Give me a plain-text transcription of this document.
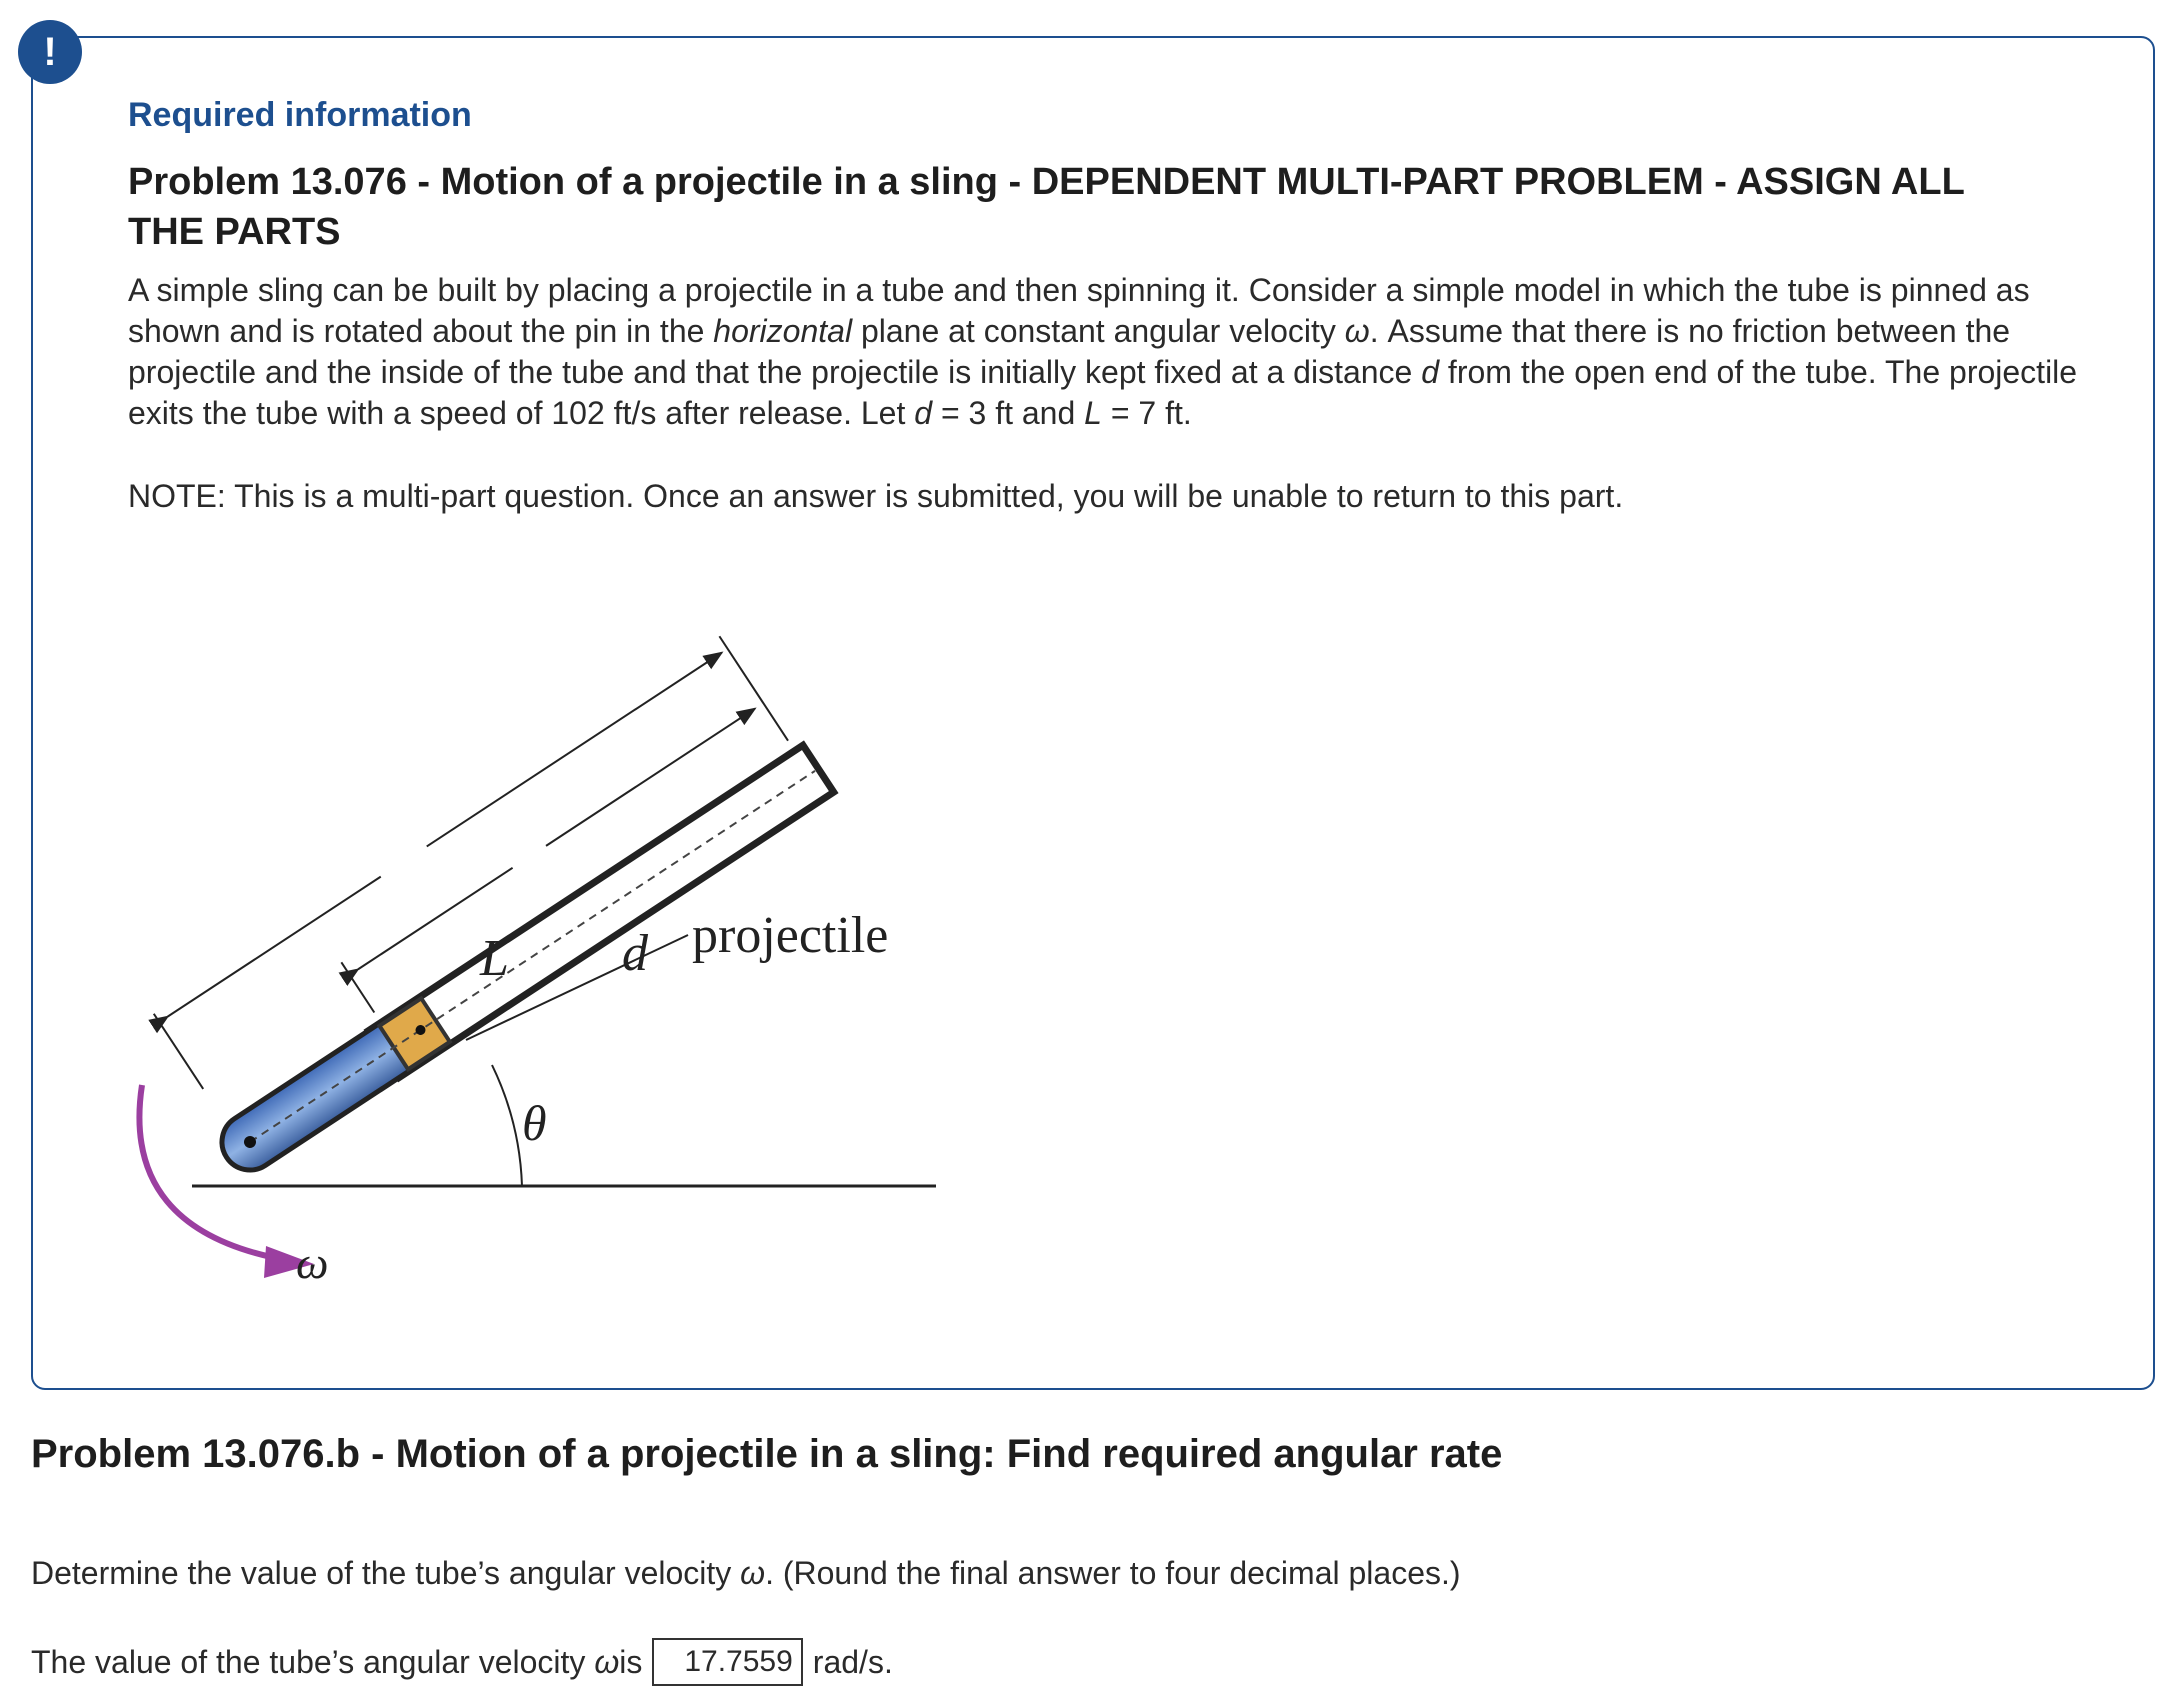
!
Required information
Problem 13.076 - Motion of a projectile in a sling - DEPENDENT MULTI-PART PROBLEM - ASSIGN ALL THE PARTS
A simple sling can be built by placing a projectile in a tube and then spinning it. Consider a simple model in which the tube is pinned as shown and is rotated about the pin in the horizontal plane at constant angular velocity ω. Assume that there is no friction between the projectile and the inside of the tube and that the projectile is initially kept fixed at a distance d from the open end of the tube. The projectile exits the tube with a speed of 102 ft/s after release. Let d = 3 ft and L = 7 ft.
NOTE: This is a multi-part question. Once an answer is submitted, you will be unable to return to this part.
L d projectile
θ
ω
Problem 13.076.b - Motion of a projectile in a sling: Find required angular rate
Determine the value of the tube’s angular velocity ω. (Round the final answer to four decimal places.)
The value of the tube’s angular velocity
ω is	17.7559 rad/s.
